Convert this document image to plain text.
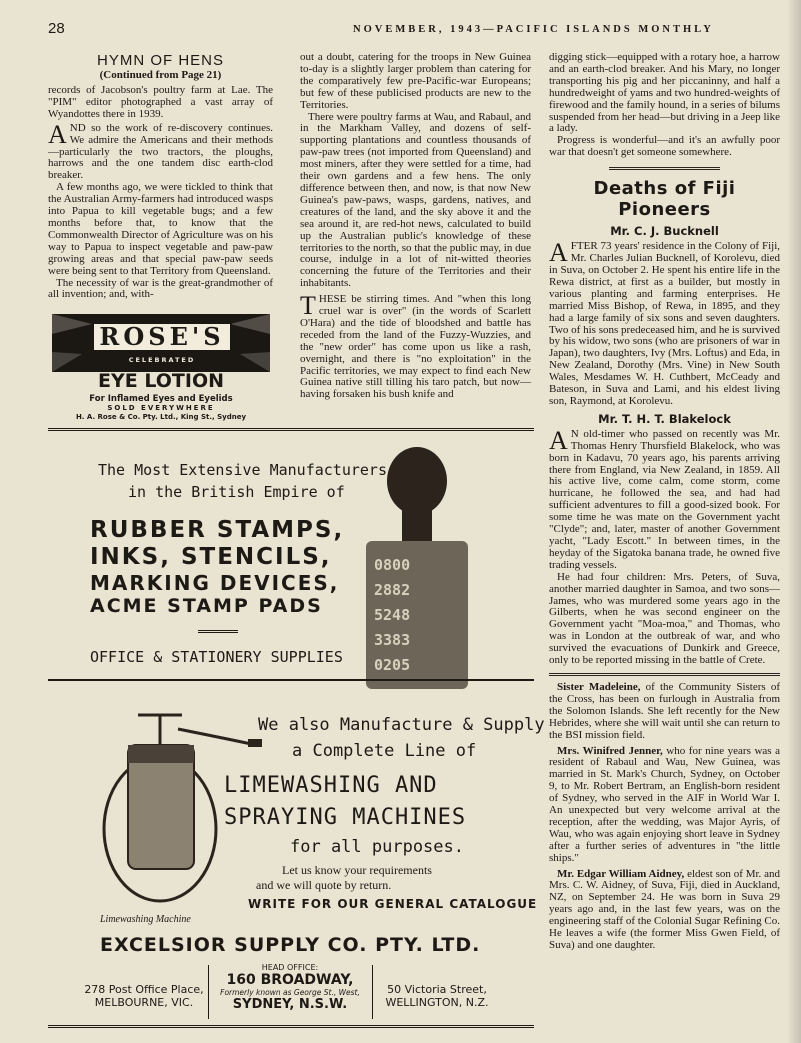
28	NOVEMBER, 1943—PACIFIC ISLANDS MONTHLY
HYMN OF HENS
(Continued from Page 21)

records of Jacobson's poultry farm at Lae. The "PIM" editor photographed a vast array of Wyandottes there in 1939.

AND so the work of re-discovery continues. We admire the Americans and their methods—particularly the two tractors, the ploughs, harrows and the one tandem disc earth-clod breaker.

A few months ago, we were tickled to think that the Australian Army-farmers had introduced wasps into Papua to kill vegetable bugs; and a few months before that, to know that the Commonwealth Director of Agriculture was on his way to Papua to inspect vegetable and paw-paw growing areas and that special paw-paw seeds were being sent to that Territory from Queensland.

The necessity of war is the great-grandmother of all invention; and, with-

ROSE'S
CELEBRATED
EYE LOTION
For Inflamed Eyes and Eyelids
SOLD EVERYWHERE
H. A. Rose & Co. Pty. Ltd., King St., Sydney

out a doubt, catering for the troops in New Guinea to-day is a slightly larger problem than catering for the comparatively few pre-Pacific-war Europeans; but few of these publicised products are new to the Territories.

There were poultry farms at Wau, and Rabaul, and in the Markham Valley, and dozens of self-supporting plantations and countless thousands of paw-paw trees (not imported from Queensland) and most miners, after they were settled for a time, had their own gardens and a few hens. The only difference between then, and now, is that now New Guinea's paw-paws, wasps, gardens, natives, and creatures of the land, and the sky above it and the sea around it, are red-hot news, calculated to build up the Australian public's knowledge of these territories to the north, so that the public may, in due course, indulge in a lot of nit-witted theories concerning the future of the Territories and their inhabitants.

THESE be stirring times. And "when this long cruel war is over" (in the words of Scarlett O'Hara) and the tide of bloodshed and battle has receded from the land of the Fuzzy-Wuzzies, and the "new order" has come upon us like a rash, overnight, and there is "no exploitation" in the Pacific territories, we may expect to find each New Guinea native still tilling his taro patch, but now—having forsaken his bush knife and

digging stick—equipped with a rotary hoe, a harrow and an earth-clod breaker. And his Mary, no longer transporting his pig and her piccaninny, and half a hundredweight of yams and two hundred-weights of firewood and the family hound, in a series of bilums suspended from her head—but driving in a Jeep like a lady.

Progress is wonderful—and it's an awfully poor war that doesn't get someone somewhere.

Deaths of Fiji Pioneers
Mr. C. J. Bucknell

AFTER 73 years' residence in the Colony of Fiji, Mr. Charles Julian Bucknell, of Korolevu, died in Suva, on October 2. He spent his entire life in the Rewa district, at first as a builder, but mostly in various planting and farming enterprises. He married Miss Bishop, of Rewa, in 1895, and they had a large family of six sons and seven daughters. Two of his sons predeceased him, and he is survived by his widow, two sons (who are prisoners of war in Japan), two daughters, Ivy (Mrs. Loftus) and Eda, in New Zealand, Dorothy (Mrs. Vine) in New South Wales, Mesdames W. H. Cuthbert, McCeady and Bateson, in Suva and Lami, and his eldest living son, Raymond, at Korolevu.

Mr. T. H. T. Blakelock

A N old-timer who passed on recently was Mr. Thomas Henry Thursfield Blakelock, who was born in Kadavu, 70 years ago, his parents arriving there from England, via New Zealand, in 1859. All his active live, come calm, come storm, come hurricane, he followed the sea, and had had sufficient adventures to fill a good-sized book. For some time he was mate on the Government yacht "Clyde"; and, later, master of another Government yacht, "Lady Escott." In between times, in the heyday of the Sigatoka banana trade, he owned five trading vessels.

He had four children: Mrs. Peters, of Suva, another married daughter in Samoa, and two sons—James, who was murdered some years ago in the Gilberts, when he was second engineer on the Government yacht "Moa-moa," and Thomas, who was in London at the outbreak of war, and who survived the evacuations of Dunkirk and Greece, only to be reported missing in the battle of Crete.

Sister Madeleine, of the Community Sisters of the Cross, has been on furlough in Australia from the Solomon Islands. She left recently for the New Hebrides, where she will wait until she can return to the BSI mission field.

Mrs. Winifred Jenner, who for nine years was a resident of Rabaul and Wau, New Guinea, was married in St. Mark's Church, Sydney, on October 9, to Mr. Robert Bertram, an English-born resident of Sydney, who served in the AIF in World War I. An unexpected but very welcome arrival at the reception, after the wedding, was Major Ayris, of Wau, who was again enjoying short leave in Sydney after a further series of adventures in "the little ships."

Mr. Edgar William Aidney, eldest son of Mr. and Mrs. C. W. Aidney, of Suva, Fiji, died in Auckland, NZ, on September 24. He was born in Suva 29 years ago and, in the last few years, was on the engineering staff of the Colonial Sugar Refining Co. He leaves a wife (the former Miss Gwen Field, of Suva) and one daughter.

The Most Extensive Manufacturers
in the British Empire of
RUBBER STAMPS,
INKS, STENCILS,
MARKING DEVICES,
ACME STAMP PADS
OFFICE & STATIONERY SUPPLIES
0800
2882
5248
3383
0205
We also Manufacture & Supply
a Complete Line of
LIMEWASHING AND
SPRAYING MACHINES
for all purposes.
Let us know your requirements
and we will quote by return.
WRITE FOR OUR GENERAL CATALOGUE
Limewashing Machine
EXCELSIOR SUPPLY CO. PTY. LTD.
278 Post Office Place,
MELBOURNE, VIC.
HEAD OFFICE:
160 BROADWAY,
Formerly known as George St., West,
SYDNEY, N.S.W.
50 Victoria Street,
WELLINGTON, N.Z.
